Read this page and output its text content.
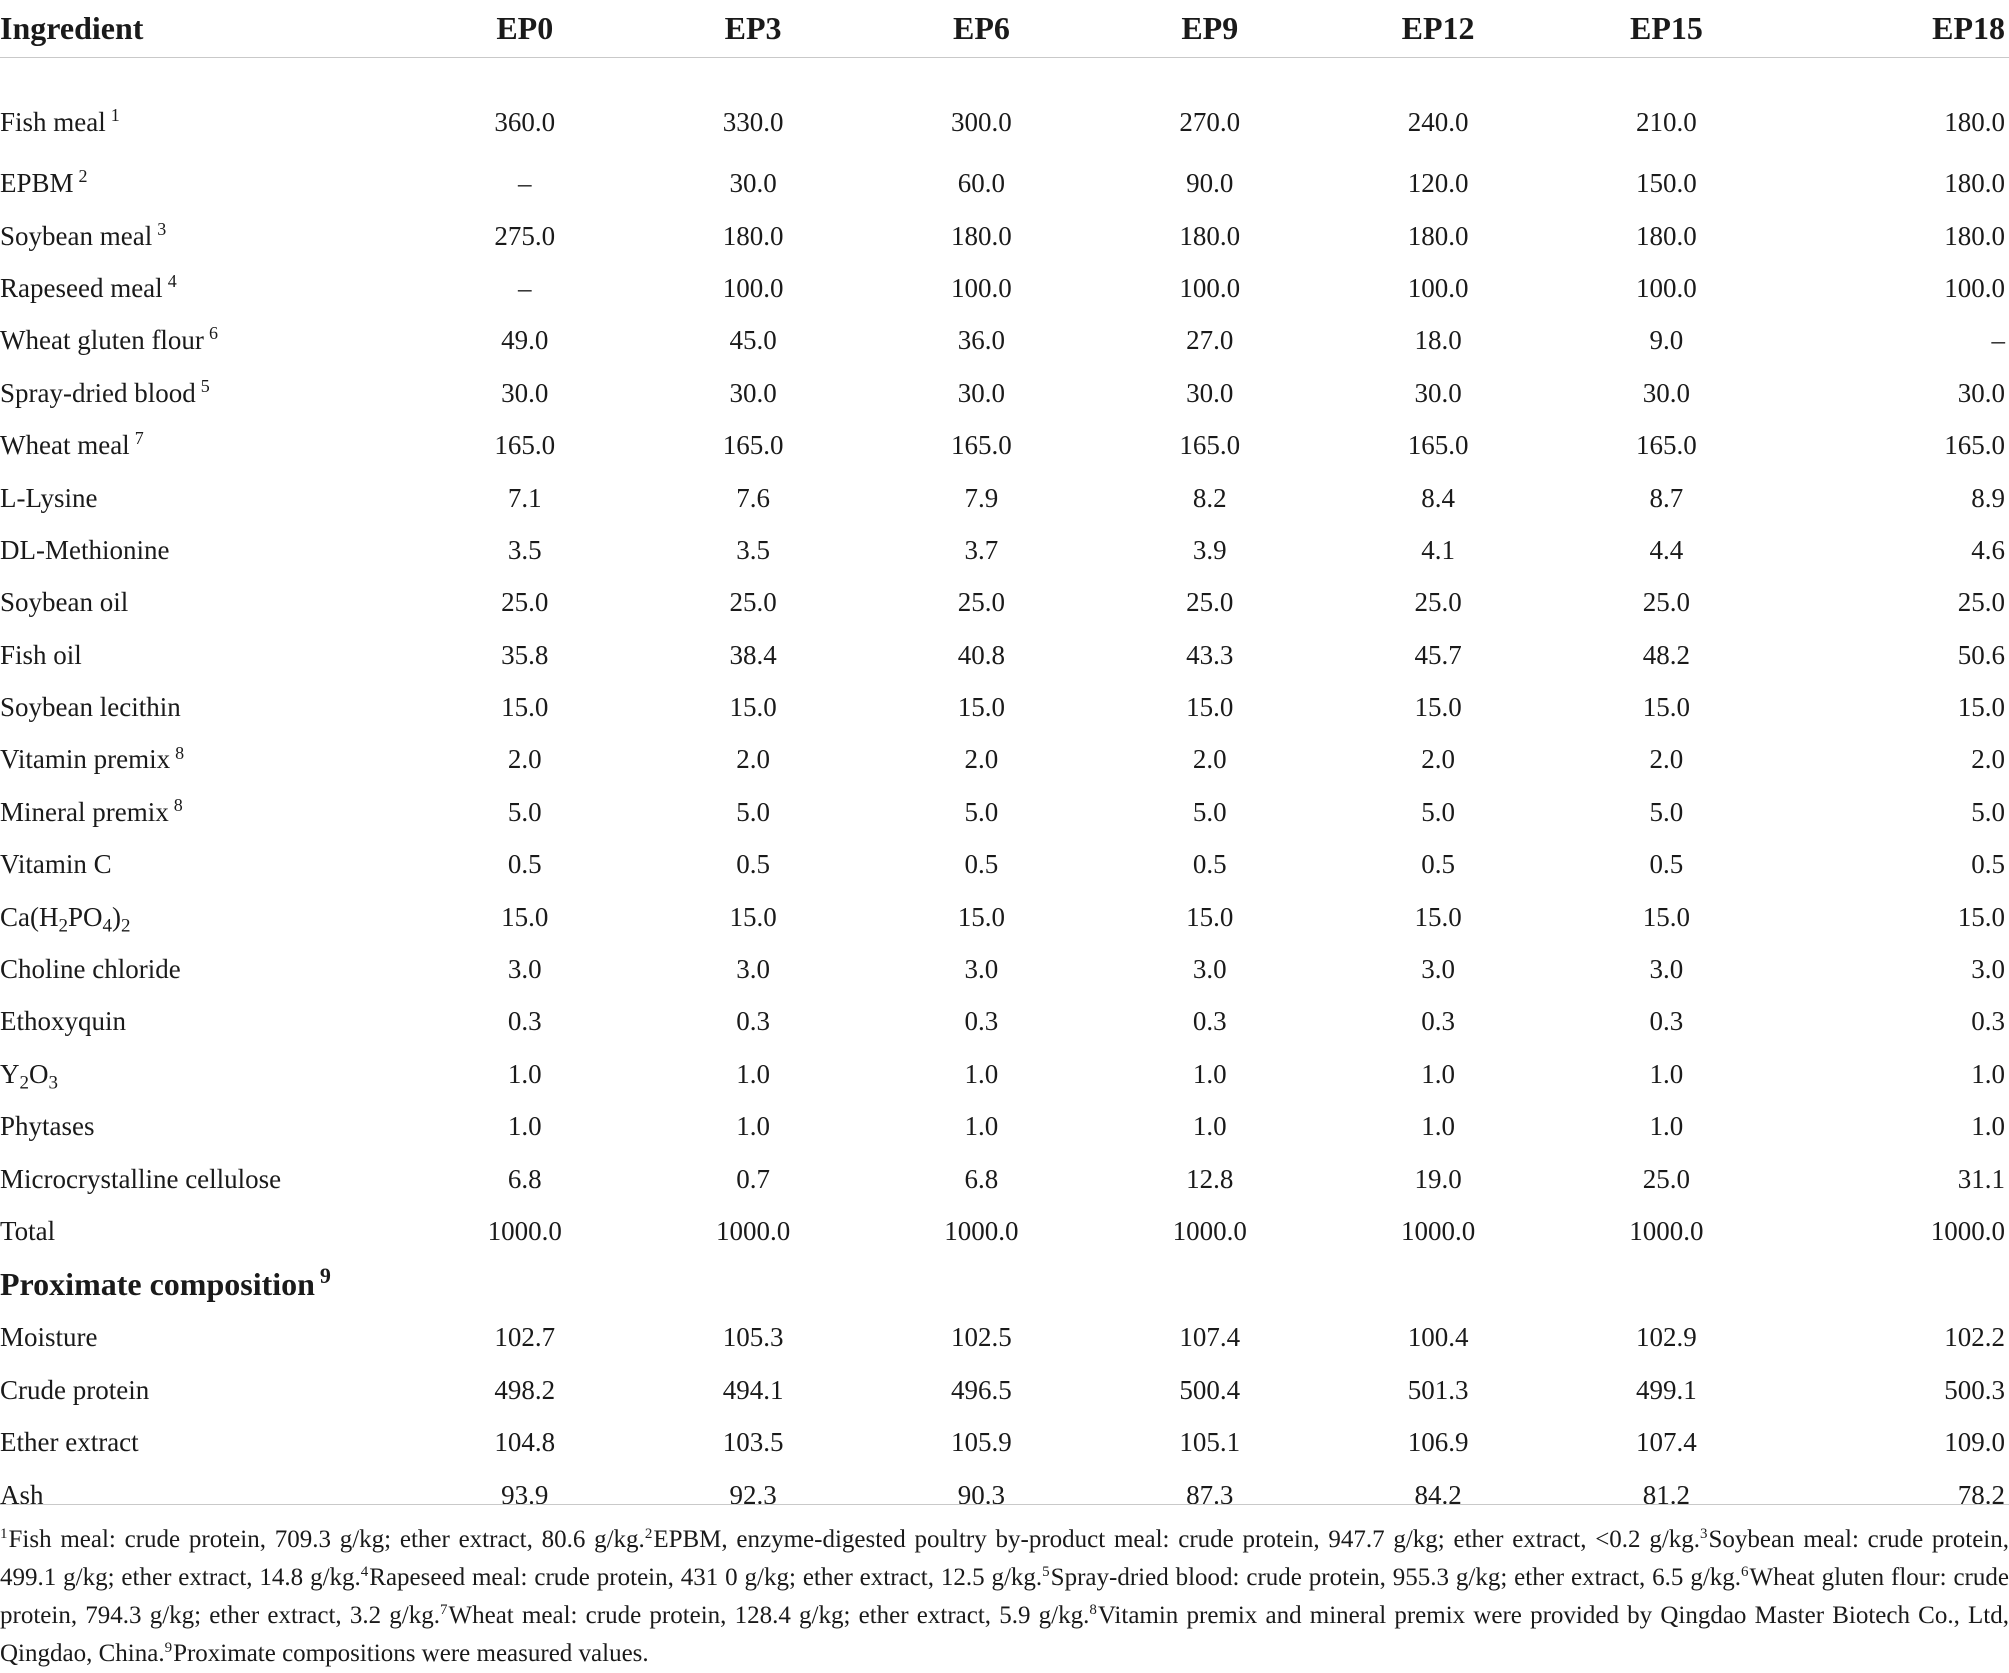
Ingredient	EP0	EP3	EP6	EP9	EP12	EP15	EP18
Fish meal $^1$	360.0	330.0	300.0	270.0	240.0	210.0	180.0
EPBM $^2$	–	30.0	60.0	90.0	120.0	150.0	180.0
Soybean meal $^3$	275.0	180.0	180.0	180.0	180.0	180.0	180.0
Rapeseed meal $^4$	–	100.0	100.0	100.0	100.0	100.0	100.0
Wheat gluten flour $^6$	49.0	45.0	36.0	27.0	18.0	9.0	–
Spray-dried blood $^5$	30.0	30.0	30.0	30.0	30.0	30.0	30.0
Wheat meal $^7$	165.0	165.0	165.0	165.0	165.0	165.0	165.0
L-Lysine	7.1	7.6	7.9	8.2	8.4	8.7	8.9
DL-Methionine	3.5	3.5	3.7	3.9	4.1	4.4	4.6
Soybean oil	25.0	25.0	25.0	25.0	25.0	25.0	25.0
Fish oil	35.8	38.4	40.8	43.3	45.7	48.2	50.6
Soybean lecithin	15.0	15.0	15.0	15.0	15.0	15.0	15.0
Vitamin premix $^8$	2.0	2.0	2.0	2.0	2.0	2.0	2.0
Mineral premix $^8$	5.0	5.0	5.0	5.0	5.0	5.0	5.0
Vitamin C	0.5	0.5	0.5	0.5	0.5	0.5	0.5
$Ca(H_2PO_4)_2$	15.0	15.0	15.0	15.0	15.0	15.0	15.0
Choline chloride	3.0	3.0	3.0	3.0	3.0	3.0	3.0
Ethoxyquin	0.3	0.3	0.3	0.3	0.3	0.3	0.3
$Y_2O_3$	1.0	1.0	1.0	1.0	1.0	1.0	1.0
Phytases	1.0	1.0	1.0	1.0	1.0	1.0	1.0
Microcrystalline cellulose	6.8	0.7	6.8	12.8	19.0	25.0	31.1
Total	1000.0	1000.0	1000.0	1000.0	1000.0	1000.0	1000.0
Proximate composition $^9$
Moisture	102.7	105.3	102.5	107.4	100.4	102.9	102.2
Crude protein	498.2	494.1	496.5	500.4	501.3	499.1	500.3
Ether extract	104.8	103.5	105.9	105.1	106.9	107.4	109.0
Ash	93.9	92.3	90.3	87.3	84.2	81.2	78.2
$^1$Fish meal: crude protein, 709.3 g/kg; ether extract, 80.6 g/kg.$^2$EPBM, enzyme-digested poultry by-product meal: crude protein, 947.7 g/kg; ether extract, <0.2 g/kg.$^3$Soybean meal: crude protein, 499.1 g/kg; ether extract, 14.8 g/kg.$^4$Rapeseed meal: crude protein, 431 0 g/kg; ether extract, 12.5 g/kg.$^5$Spray-dried blood: crude protein, 955.3 g/kg; ether extract, 6.5 g/kg.$^6$Wheat gluten flour: crude protein, 794.3 g/kg; ether extract, 3.2 g/kg.$^7$Wheat meal: crude protein, 128.4 g/kg; ether extract, 5.9 g/kg.$^8$Vitamin premix and mineral premix were provided by Qingdao Master Biotech Co., Ltd, Qingdao, China.$^9$Proximate compositions were measured values.
